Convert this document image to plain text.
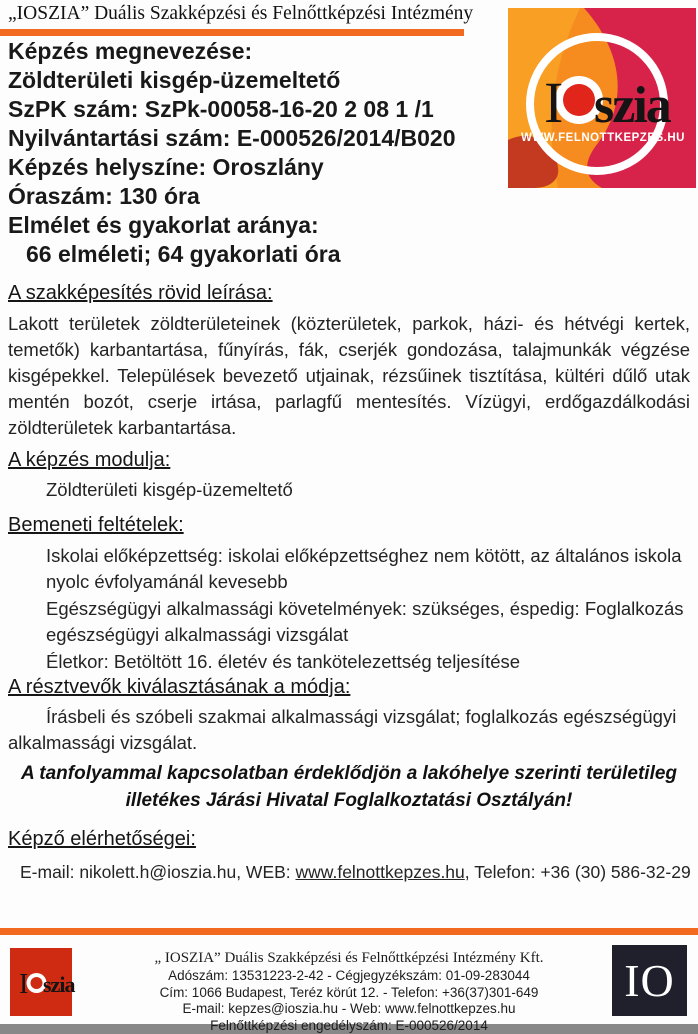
„IOSZIA” Duális Szakképzési és Felnőttképzési Intézmény
I szia
WWW.FELNOTTKEPZES.HU
Képzés megnevezése:
Zöldterületi kisgép-üzemeltető
SzPK szám: SzPk-00058-16-20 2 08 1 /1
Nyilvántartási szám: E-000526/2014/B020
Képzés helyszíne: Oroszlány
Óraszám: 130 óra
Elmélet és gyakorlat aránya:
66 elméleti; 64 gyakorlati óra
A szakképesítés rövid leírása:
Lakott területek zöldterületeinek (közterületek, parkok, házi- és hétvégi kertek, temetők) karbantartása, fűnyírás, fák, cserjék gondozása, talajmunkák végzése kisgépekkel. Települések bevezető utjainak, rézsűinek tisztítása, kültéri dűlő utak mentén bozót, cserje irtása, parlagfű mentesítés. Vízügyi, erdőgazdálkodási zöldterületek karbantartása.
A képzés modulja:
Zöldterületi kisgép-üzemeltető
Bemeneti feltételek:
Iskolai előképzettség: iskolai előképzettséghez nem kötött, az általános iskola nyolc évfolyamánál kevesebb
Egészségügyi alkalmassági követelmények: szükséges, éspedig: Foglalkozás egészségügyi alkalmassági vizsgálat
Életkor: Betöltött 16. életév és tankötelezettség teljesítése
A résztvevők kiválasztásának a módja:
Írásbeli és szóbeli szakmai alkalmassági vizsgálat; foglalkozás egészségügyi alkalmassági vizsgálat.
A tanfolyammal kapcsolatban érdeklődjön a lakóhelye szerinti területileg illetékes Járási Hivatal Foglalkoztatási Osztályán!
Képző elérhetőségei:
E-mail: nikolett.h@ioszia.hu, WEB: www.felnottkepzes.hu, Telefon: +36 (30) 586-32-29
I szia
„ IOSZIA” Duális Szakképzési és Felnőttképzési Intézmény Kft.
Adószám: 13531223-2-42 - Cégjegyzékszám: 01-09-283044
Cím: 1066 Budapest, Teréz körút 12. - Telefon: +36(37)301-649
E-mail: kepzes@ioszia.hu - Web: www.felnottkepzes.hu
Felnőttképzési engedélyszám: E-000526/2014
IO
